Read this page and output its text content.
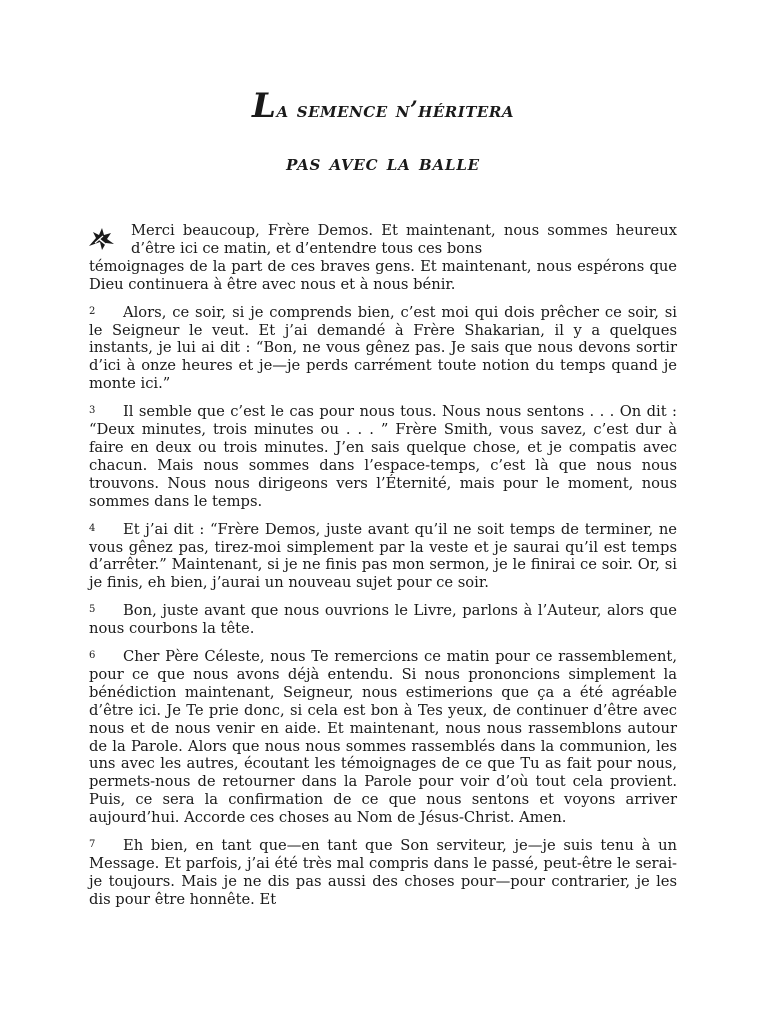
La semence n’héritera
pas avec la balle

Merci beaucoup, Frère Demos. Et maintenant, nous sommes heureux d’être ici ce matin, et d’entendre tous ces bons
témoignages de la part de ces braves gens. Et maintenant, nous espérons que Dieu continuera à être avec nous et à nous bénir.

2 Alors, ce soir, si je comprends bien, c’est moi qui dois prêcher ce soir, si le Seigneur le veut. Et j’ai demandé à Frère Shakarian, il y a quelques instants, je lui ai dit : “Bon, ne vous gênez pas. Je sais que nous devons sortir d’ici à onze heures et je—je perds carrément toute notion du temps quand je monte ici.”

3 Il semble que c’est le cas pour nous tous. Nous nous sentons . . . On dit : “Deux minutes, trois minutes ou . . . ” Frère Smith, vous savez, c’est dur à faire en deux ou trois minutes. J’en sais quelque chose, et je compatis avec chacun. Mais nous sommes dans l’espace-temps, c’est là que nous nous trouvons. Nous nous dirigeons vers l’Éternité, mais pour le moment, nous sommes dans le temps.

4 Et j’ai dit : “Frère Demos, juste avant qu’il ne soit temps de terminer, ne vous gênez pas, tirez-moi simplement par la veste et je saurai qu’il est temps d’arrêter.” Maintenant, si je ne finis pas mon sermon, je le finirai ce soir. Or, si je finis, eh bien, j’aurai un nouveau sujet pour ce soir.

5 Bon, juste avant que nous ouvrions le Livre, parlons à l’Auteur, alors que nous courbons la tête.

6 Cher Père Céleste, nous Te remercions ce matin pour ce rassemblement, pour ce que nous avons déjà entendu. Si nous prononcions simplement la bénédiction maintenant, Seigneur, nous estimerions que ça a été agréable d’être ici. Je Te prie donc, si cela est bon à Tes yeux, de continuer d’être avec nous et de nous venir en aide. Et maintenant, nous nous rassemblons autour de la Parole. Alors que nous nous sommes rassemblés dans la communion, les uns avec les autres, écoutant les témoignages de ce que Tu as fait pour nous, permets-nous de retourner dans la Parole pour voir d’où tout cela provient. Puis, ce sera la confirmation de ce que nous sentons et voyons arriver aujourd’hui. Accorde ces choses au Nom de Jésus-Christ. Amen.

7 Eh bien, en tant que—en tant que Son serviteur, je—je suis tenu à un Message. Et parfois, j’ai été très mal compris dans le passé, peut-être le serai-je toujours. Mais je ne dis pas aussi des choses pour—pour contrarier, je les dis pour être honnête. Et
